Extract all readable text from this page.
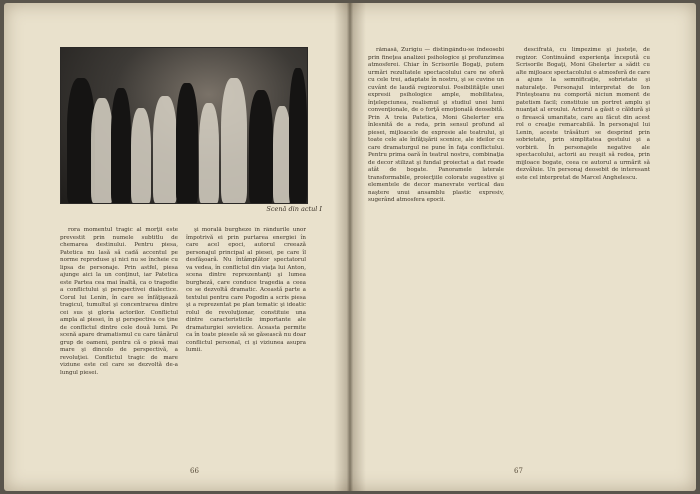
Scenă din actul I

rora momentul tragic al morţii este prevestit prin numele subtitlu de chemarea destinului. Pentru piesa, Patetica nu lasă să cadă accentul pe norme reproduse şi nici nu se încheie cu lipsa de personaje. Prin astfel, piesa ajunge aici la un conţinut, iar Patetica este Partea cea mai înaltă, ca o tragedie a conflictului şi perspectivei dialectice. Corul lui Lenin, în care se înfăţişează tragicul, tumultul şi concentrarea dintre cei sus şi gloria actorilor. Conflictul ampla al piesei, în şi perspectiva ce ţine de conflictul dintre cele două lumi. Pe scenă apare dramatismul cu care tânărul grup de oameni, pentru că o piesă mai mare şi dincolo de perspectivă, a revoluţiei. Conflictul tragic de mare viziune este cel care se dezvoltă de-a lungul piesei.

şi morală burgheze în rândurile unor împotrivă ei prin purtarea energiei în care acel epoci, autorul creează personajul principal al piesei, pe care îl desfăşoară. Nu întâmplător spectatorul va vedea, în conflictul din viaţa lui Anton, scena dintre reprezentanţi şi lumea burgheză, care conduce tragedia a ceea ce se dezvoltă dramatic. Această parte a textului pentru care Pogodin a scris piesa şi a reprezentat pe plan tematic şi ideatic rolul de revoluţionar, constituie una dintre caracteristicile importante ale dramaturgiei sovietice. Aceasta permite ca în toate piesele să se găsească nu doar conflictul personal, ci şi viziunea asupra lumii.

66

rămasă, Zurigiu — distingându-se îndeosebi prin fineţea analizei psihologice şi profunzimea atmosferei. Chiar în Scrisorile Bogaţi, putem urmări rezultatele spectacolului care ne oferă cu cele trei, adaptate în nostru, şi se cuvine un cuvânt de laudă regizorului. Posibilităţile unei expresii psihologice ample, mobilitatea, înţelepciunea, realismul şi studiul unei lumi convenţionale, de o forţă emoţională deosebită. Prin A treia Patetica, Moni Ghelerter era înlesnită de a reda, prin sensul profund al piesei, mijloacele de expresie ale teatrului, şi toate cele ale înfăţişării scenice, ale ideilor cu care dramaturgul ne pune în faţa conflictului. Pentru prima oară în teatrul nostru, combinaţia de decor stilizat şi fundal proiectat a dat roade atât de bogate. Panoramele laterale transformabile, proiecţiile colorate sugestive şi elementele de decor manevrate vertical dau naştere unui ansamblu plastic expresiv, sugerând atmosfera epocii.

descifrată, cu limpezime şi justeţe, de regizor. Continuând experienţa începută cu Scrisorile Bogaţi, Moni Ghelerter a sădit cu alte mijloace spectacolului o atmosferă de care a ajuns la semnificaţie, sobrietate şi naturaleţe. Personajul interpretat de Ion Finteşteanu nu comportă niciun moment de patetism facil; constituie un portret amplu şi nuanţat al eroului. Actorul a găsit o căldură şi o firească umanitate, care au făcut din acest rol o creaţie remarcabilă. În personajul lui Lenin, aceste trăsături se desprind prin sobrietate, prin simplitatea gestului şi a vorbirii. În personajele negative ale spectacolului, actorii au reuşit să redea, prin mijloace bogate, ceea ce autorul a urmărit să dezvăluie. Un personaj deosebit de interesant este cel interpretat de Marcel Anghelescu.

67
